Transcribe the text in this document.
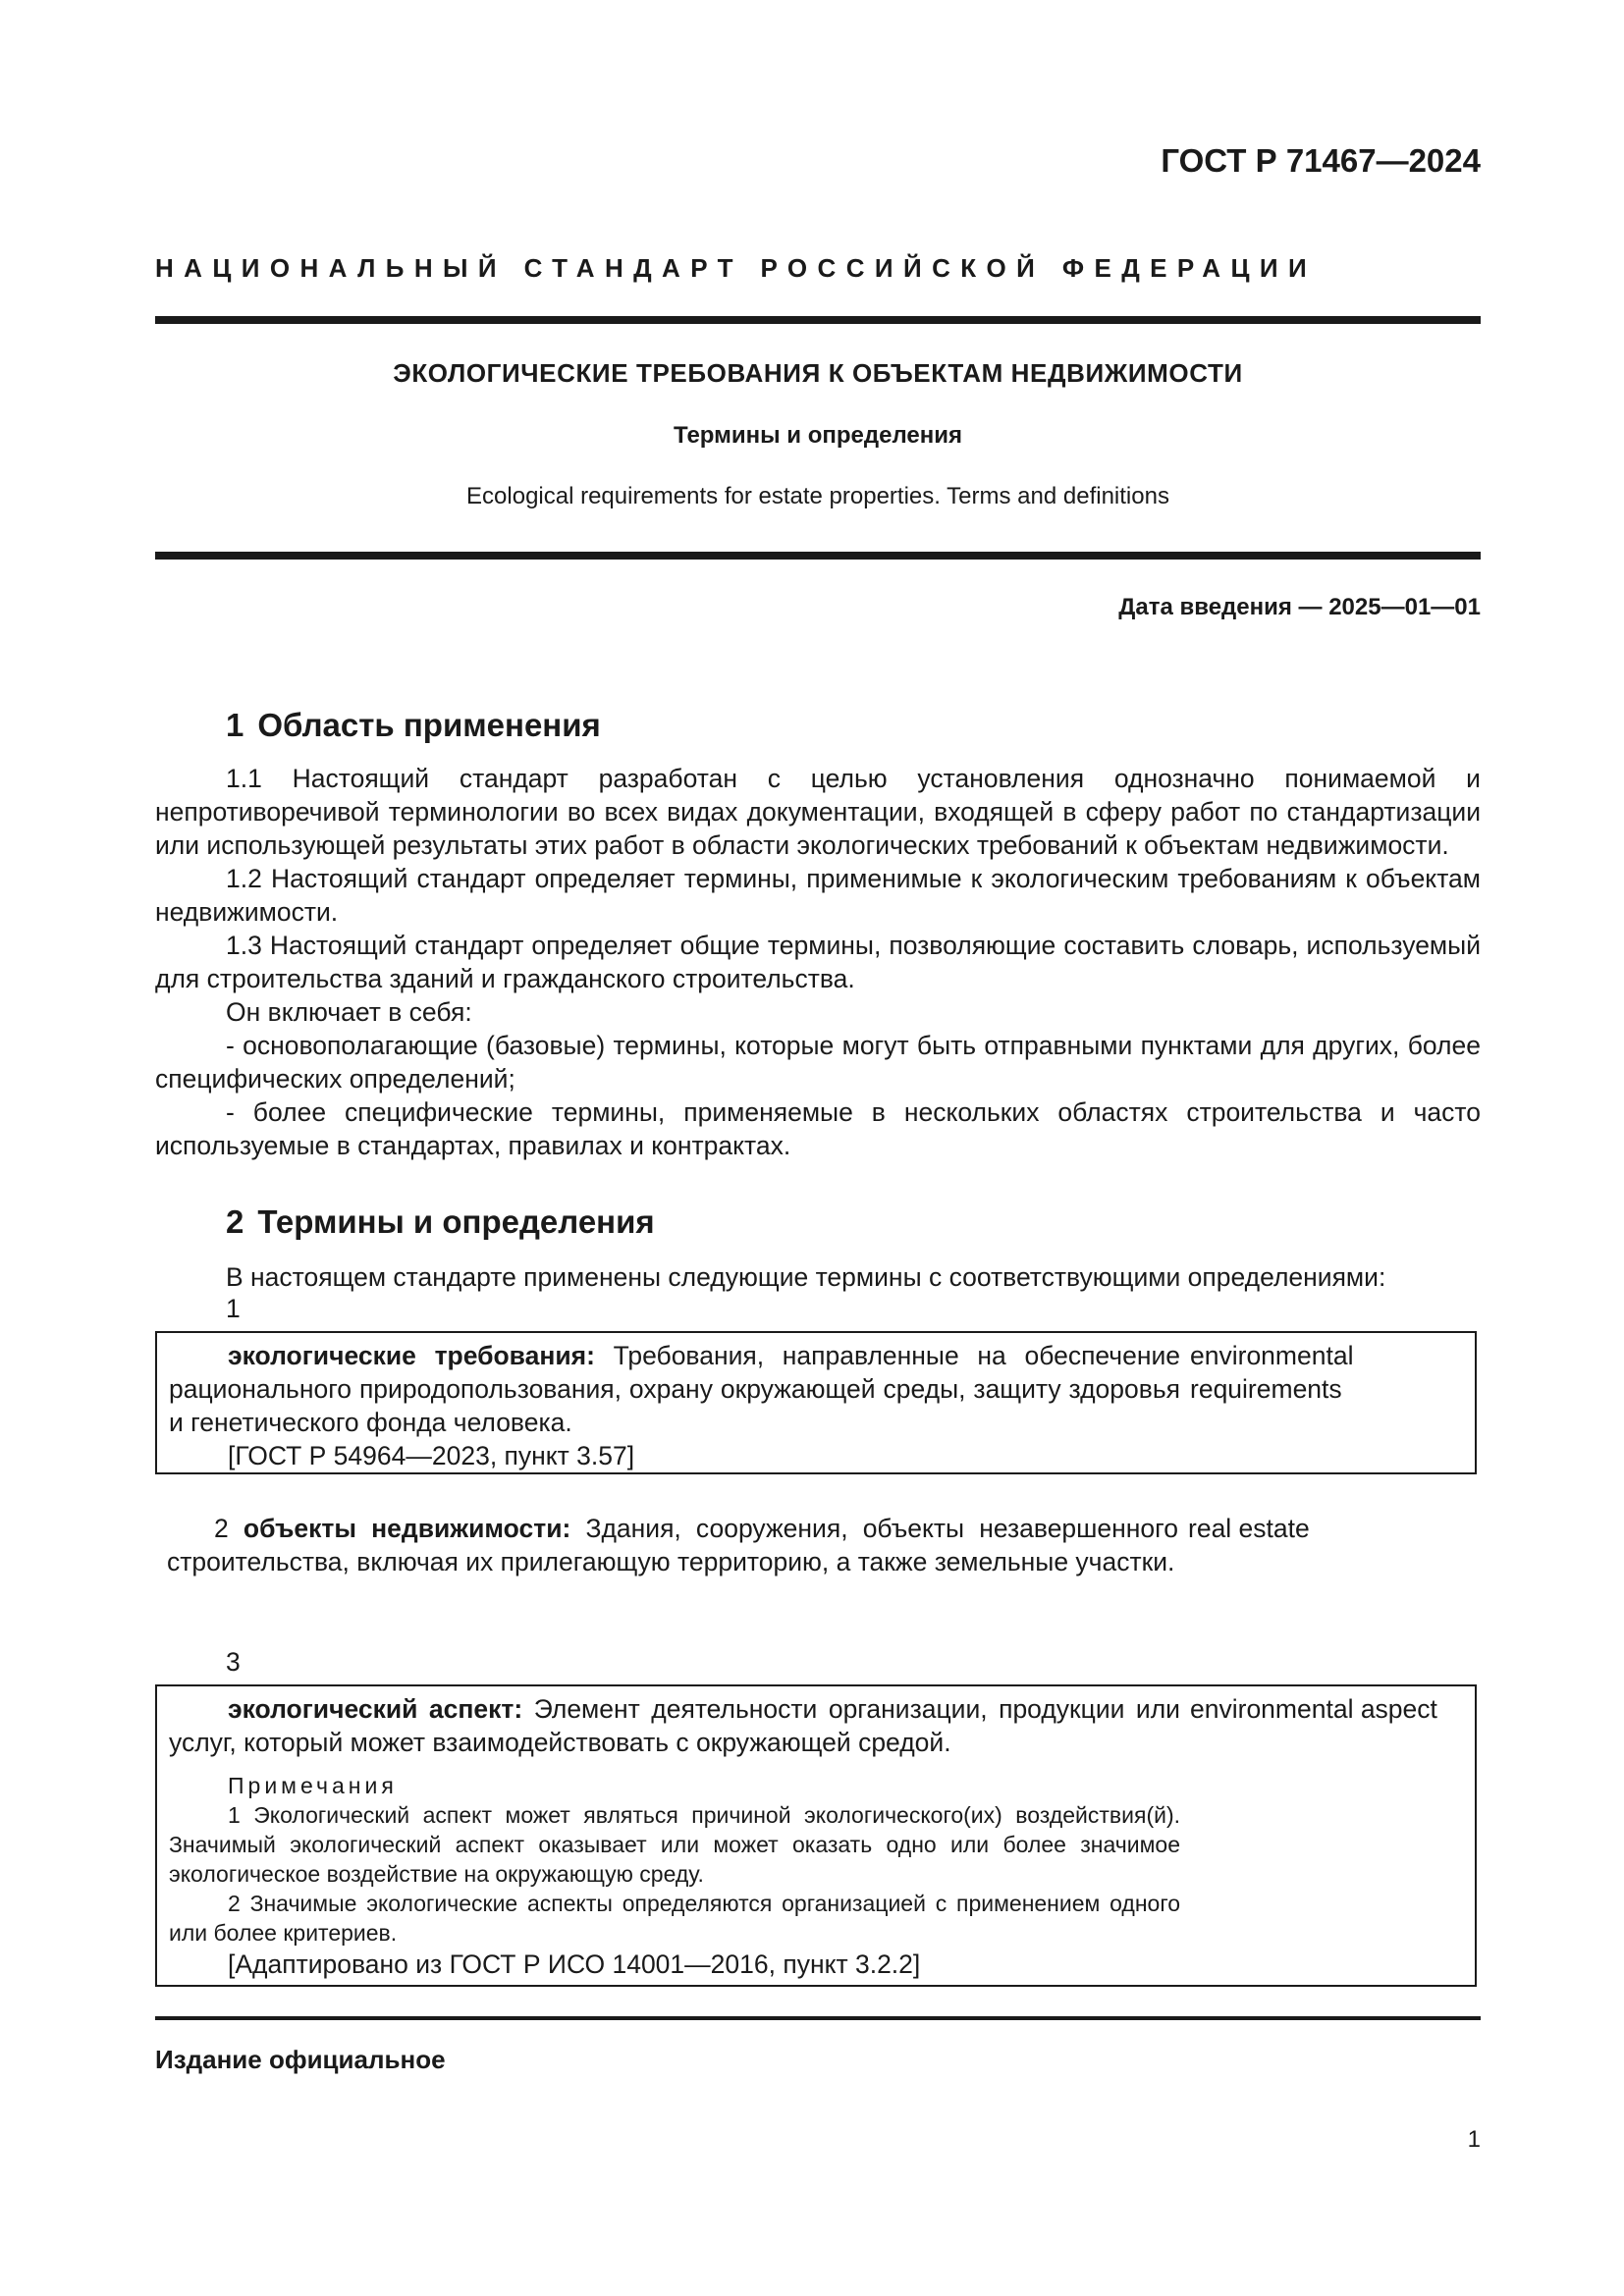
ГОСТ Р 71467—2024
НАЦИОНАЛЬНЫЙ СТАНДАРТ РОССИЙСКОЙ ФЕДЕРАЦИИ
ЭКОЛОГИЧЕСКИЕ ТРЕБОВАНИЯ К ОБЪЕКТАМ НЕДВИЖИМОСТИ
Термины и определения
Ecological requirements for estate properties. Terms and definitions
Дата введения — 2025—01—01
1 Область применения

1.1 Настоящий стандарт разработан с целью установления однозначно понимаемой и непротиворечивой терминологии во всех видах документации, входящей в сферу работ по стандартизации или использующей результаты этих работ в области экологических требований к объектам недвижимости.

1.2 Настоящий стандарт определяет термины, применимые к экологическим требованиям к объектам недвижимости.

1.3 Настоящий стандарт определяет общие термины, позволяющие составить словарь, используемый для строительства зданий и гражданского строительства.

Он включает в себя:

- основополагающие (базовые) термины, которые могут быть отправными пунктами для других, более специфических определений;

- более специфические термины, применяемые в нескольких областях строительства и часто используемые в стандартах, правилах и контрактах.

2 Термины и определения

В настоящем стандарте применены следующие термины с соответствующими определениями:

1

экологические требования: Требования, направленные на обеспечение рационального природопользования, охрану окружающей среды, защиту здоровья и генетического фонда человека.

[ГОСТ Р 54964—2023, пункт 3.57]

environmental requirements
2 объекты недвижимости: Здания, сооружения, объекты незавершенного строительства, включая их прилегающую территорию, а также земельные участки.
real estate
3

экологический аспект: Элемент деятельности организации, продукции или услуг, который может взаимодействовать с окружающей средой.

Примечания

1 Экологический аспект может являться причиной экологического(их) воздействия(й). Значимый экологический аспект оказывает или может оказать одно или более значимое экологическое воздействие на окружающую среду.

2 Значимые экологические аспекты определяются организацией с применением одного или более критериев.

[Адаптировано из ГОСТ Р ИСО 14001—2016, пункт 3.2.2]

environmental aspect
Издание официальное
1
